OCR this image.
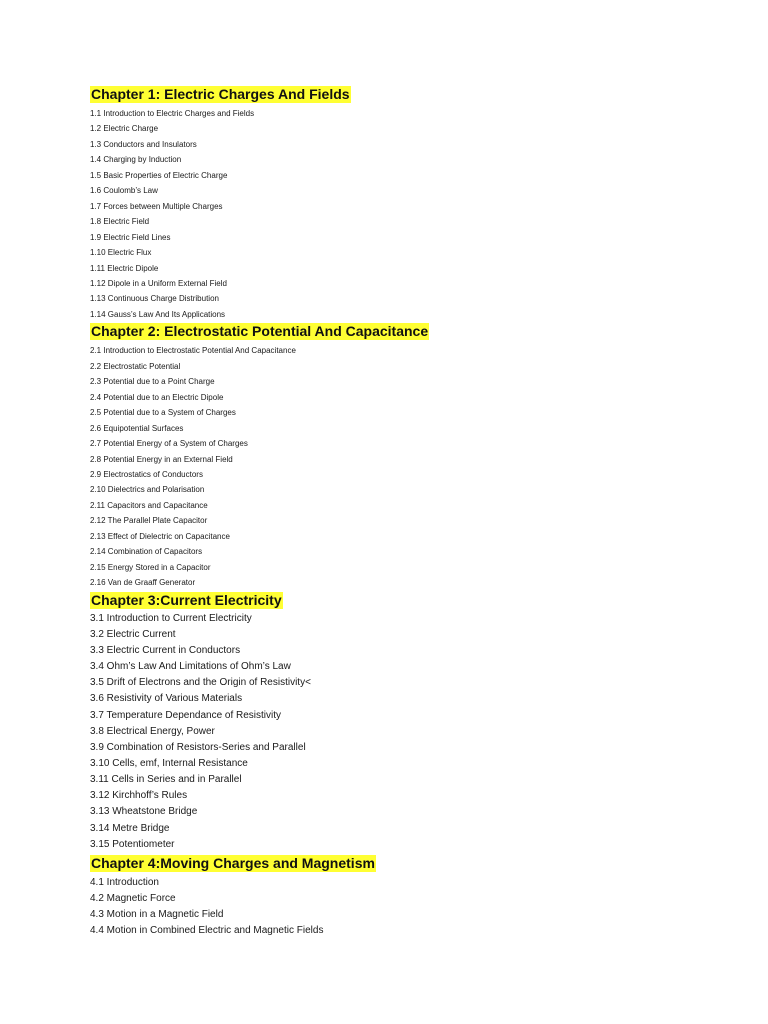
Chapter 1: Electric Charges And Fields
1.1 Introduction to Electric Charges and Fields
1.2 Electric Charge
1.3 Conductors and Insulators
1.4 Charging by Induction
1.5 Basic Properties of Electric Charge
1.6 Coulomb’s Law
1.7 Forces between Multiple Charges
1.8 Electric Field
1.9 Electric Field Lines
1.10 Electric Flux
1.11 Electric Dipole
1.12 Dipole in a Uniform External Field
1.13 Continuous Charge Distribution
1.14 Gauss’s Law And Its Applications
Chapter 2: Electrostatic Potential And Capacitance
2.1 Introduction to Electrostatic Potential And Capacitance
2.2 Electrostatic Potential
2.3 Potential due to a Point Charge
2.4 Potential due to an Electric Dipole
2.5 Potential due to a System of Charges
2.6 Equipotential Surfaces
2.7 Potential Energy of a System of Charges
2.8 Potential Energy in an External Field
2.9 Electrostatics of Conductors
2.10 Dielectrics and Polarisation
2.11 Capacitors and Capacitance
2.12 The Parallel Plate Capacitor
2.13 Effect of Dielectric on Capacitance
2.14 Combination of Capacitors
2.15 Energy Stored in a Capacitor
2.16 Van de Graaff Generator
Chapter 3:Current Electricity
3.1 Introduction to Current Electricity
3.2 Electric Current
3.3 Electric Current in Conductors
3.4 Ohm’s Law And Limitations of Ohm’s Law
3.5 Drift of Electrons and the Origin of Resistivity<
3.6 Resistivity of Various Materials
3.7 Temperature Dependance of Resistivity
3.8 Electrical Energy, Power
3.9 Combination of Resistors-Series and Parallel
3.10 Cells, emf, Internal Resistance
3.11 Cells in Series and in Parallel
3.12 Kirchhoff’s Rules
3.13 Wheatstone Bridge
3.14 Metre Bridge
3.15 Potentiometer
Chapter 4:Moving Charges and Magnetism
4.1 Introduction
4.2 Magnetic Force
4.3 Motion in a Magnetic Field
4.4 Motion in Combined Electric and Magnetic Fields
